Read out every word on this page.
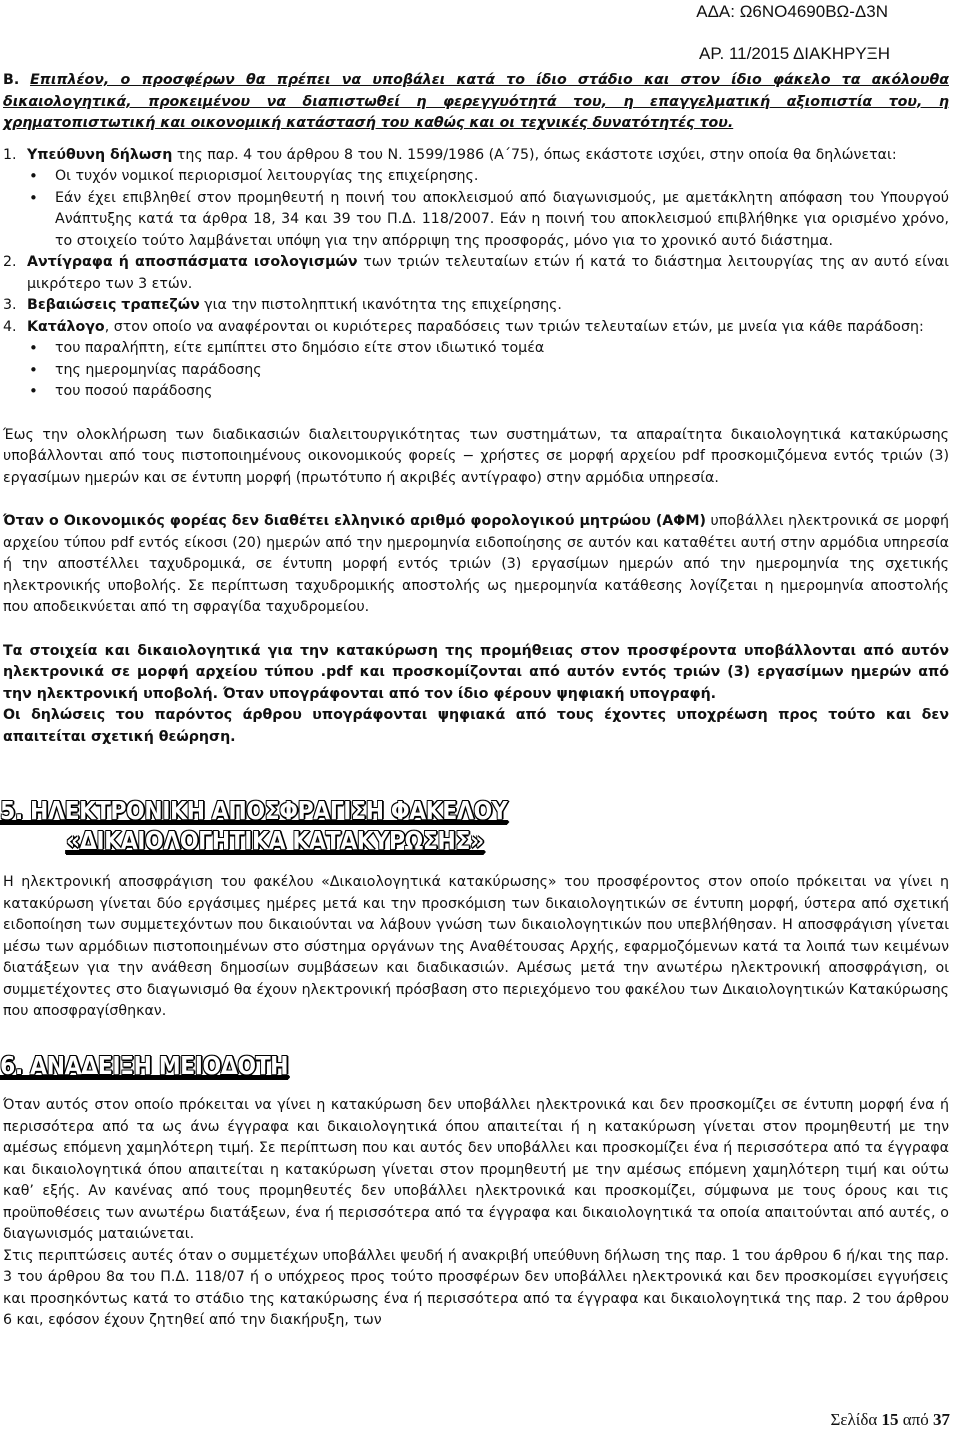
ΑΔΑ: Ω6ΝΟ4690ΒΩ-Δ3Ν
ΑΡ. 11/2015 ΔΙΑΚΗΡΥΞΗ

Β. Επιπλέον, ο προσφέρων θα πρέπει να υποβάλει κατά το ίδιο στάδιο και στον ίδιο φάκελο τα ακόλουθα δικαιολογητικά, προκειμένου να διαπιστωθεί η φερεγγυότητά του, η επαγγελματική αξιοπιστία του, η χρηματοπιστωτική και οικονομική κατάστασή του καθώς και οι τεχνικές δυνατότητές του.

1. Υπεύθυνη δήλωση της παρ. 4 του άρθρου 8 του Ν. 1599/1986 (Α΄75), όπως εκάστοτε ισχύει, στην οποία θα δηλώνεται:
• Οι τυχόν νομικοί περιορισμοί λειτουργίας της επιχείρησης.
• Εάν έχει επιβληθεί στον προμηθευτή η ποινή του αποκλεισμού από διαγωνισμούς, με αμετάκλητη απόφαση του Υπουργού Ανάπτυξης κατά τα άρθρα 18, 34 και 39 του Π.Δ. 118/2007. Εάν η ποινή του αποκλεισμού επιβλήθηκε για ορισμένο χρόνο, το στοιχείο τούτο λαμβάνεται υπόψη για την απόρριψη της προσφοράς, μόνο για το χρονικό αυτό διάστημα.
2. Αντίγραφα ή αποσπάσματα ισολογισμών των τριών τελευταίων ετών ή κατά το διάστημα λειτουργίας της αν αυτό είναι μικρότερο των 3 ετών.
3. Βεβαιώσεις τραπεζών για την πιστοληπτική ικανότητα της επιχείρησης.
4. Κατάλογο, στον οποίο να αναφέρονται οι κυριότερες παραδόσεις των τριών τελευταίων ετών, με μνεία για κάθε παράδοση:
• του παραλήπτη, είτε εμπίπτει στο δημόσιο είτε στον ιδιωτικό τομέα
• της ημερομηνίας παράδοσης
• του ποσού παράδοσης

Έως την ολοκλήρωση των διαδικασιών διαλειτουργικότητας των συστημάτων, τα απαραίτητα δικαιολογητικά κατακύρωσης υποβάλλονται από τους πιστοποιημένους οικονομικούς φορείς − χρήστες σε μορφή αρχείου pdf προσκομιζόμενα εντός τριών (3) εργασίμων ημερών και σε έντυπη μορφή (πρωτότυπο ή ακριβές αντίγραφο) στην αρμόδια υπηρεσία.

Όταν ο Οικονομικός φορέας δεν διαθέτει ελληνικό αριθμό φορολογικού μητρώου (ΑΦΜ) υποβάλλει ηλεκτρονικά σε μορφή αρχείου τύπου pdf εντός είκοσι (20) ημερών από την ημερομηνία ειδοποίησης σε αυτόν και καταθέτει αυτή στην αρμόδια υπηρεσία ή την αποστέλλει ταχυδρομικά, σε έντυπη μορφή εντός τριών (3) εργασίμων ημερών από την ημερομηνία της σχετικής ηλεκτρονικής υποβολής. Σε περίπτωση ταχυδρομικής αποστολής ως ημερομηνία κατάθεσης λογίζεται η ημερομηνία αποστολής που αποδεικνύεται από τη σφραγίδα ταχυδρομείου.

Τα στοιχεία και δικαιολογητικά για την κατακύρωση της προμήθειας στον προσφέροντα υποβάλλονται από αυτόν ηλεκτρονικά σε μορφή αρχείου τύπου .pdf και προσκομίζονται από αυτόν εντός τριών (3) εργασίμων ημερών από την ηλεκτρονική υποβολή. Όταν υπογράφονται από τον ίδιο φέρουν ψηφιακή υπογραφή.

Οι δηλώσεις του παρόντος άρθρου υπογράφονται ψηφιακά από τους έχοντες υποχρέωση προς τούτο και δεν απαιτείται σχετική θεώρηση.

5. ΗΛΕΚΤΡΟΝΙΚΗ ΑΠΟΣΦΡΑΓΙΣΗ ΦΑΚΕΛΟΥ
«ΔΙΚΑΙΟΛΟΓΗΤΙΚΑ ΚΑΤΑΚΥΡΩΣΗΣ»

Η ηλεκτρονική αποσφράγιση του φακέλου «Δικαιολογητικά κατακύρωσης» του προσφέροντος στον οποίο πρόκειται να γίνει η κατακύρωση γίνεται δύο εργάσιμες ημέρες μετά και την προσκόμιση των δικαιολογητικών σε έντυπη μορφή, ύστερα από σχετική ειδοποίηση των συμμετεχόντων που δικαιούνται να λάβουν γνώση των δικαιολογητικών που υπεβλήθησαν. Η αποσφράγιση γίνεται μέσω των αρμόδιων πιστοποιημένων στο σύστημα οργάνων της Αναθέτουσας Αρχής, εφαρμοζόμενων κατά τα λοιπά των κειμένων διατάξεων για την ανάθεση δημοσίων συμβάσεων και διαδικασιών. Αμέσως μετά την ανωτέρω ηλεκτρονική αποσφράγιση, οι συμμετέχοντες στο διαγωνισμό θα έχουν ηλεκτρονική πρόσβαση στο περιεχόμενο του φακέλου των Δικαιολογητικών Κατακύρωσης που αποσφραγίσθηκαν.

6. ΑΝΑΔΕΙΞΗ ΜΕΙΟΔΟΤΗ

Όταν αυτός στον οποίο πρόκειται να γίνει η κατακύρωση δεν υποβάλλει ηλεκτρονικά και δεν προσκομίζει σε έντυπη μορφή ένα ή περισσότερα από τα ως άνω έγγραφα και δικαιολογητικά όπου απαιτείται ή η κατακύρωση γίνεται στον προμηθευτή με την αμέσως επόμενη χαμηλότερη τιμή. Σε περίπτωση που και αυτός δεν υποβάλλει και προσκομίζει ένα ή περισσότερα από τα έγγραφα και δικαιολογητικά όπου απαιτείται η κατακύρωση γίνεται στον προμηθευτή με την αμέσως επόμενη χαμηλότερη τιμή και ούτω καθ’ εξής. Αν κανένας από τους προμηθευτές δεν υποβάλλει ηλεκτρονικά και προσκομίζει, σύμφωνα με τους όρους και τις προϋποθέσεις των ανωτέρω διατάξεων, ένα ή περισσότερα από τα έγγραφα και δικαιολογητικά τα οποία απαιτούνται από αυτές, ο διαγωνισμός ματαιώνεται.

Στις περιπτώσεις αυτές όταν ο συμμετέχων υποβάλλει ψευδή ή ανακριβή υπεύθυνη δήλωση της παρ. 1 του άρθρου 6 ή/και της παρ. 3 του άρθρου 8α του Π.Δ. 118/07 ή ο υπόχρεος προς τούτο προσφέρων δεν υποβάλλει ηλεκτρονικά και δεν προσκομίσει εγγυήσεις και προσηκόντως κατά το στάδιο της κατακύρωσης ένα ή περισσότερα από τα έγγραφα και δικαιολογητικά της παρ. 2 του άρθρου 6 και, εφόσον έχουν ζητηθεί από την διακήρυξη, των

Σελίδα 15 από 37
